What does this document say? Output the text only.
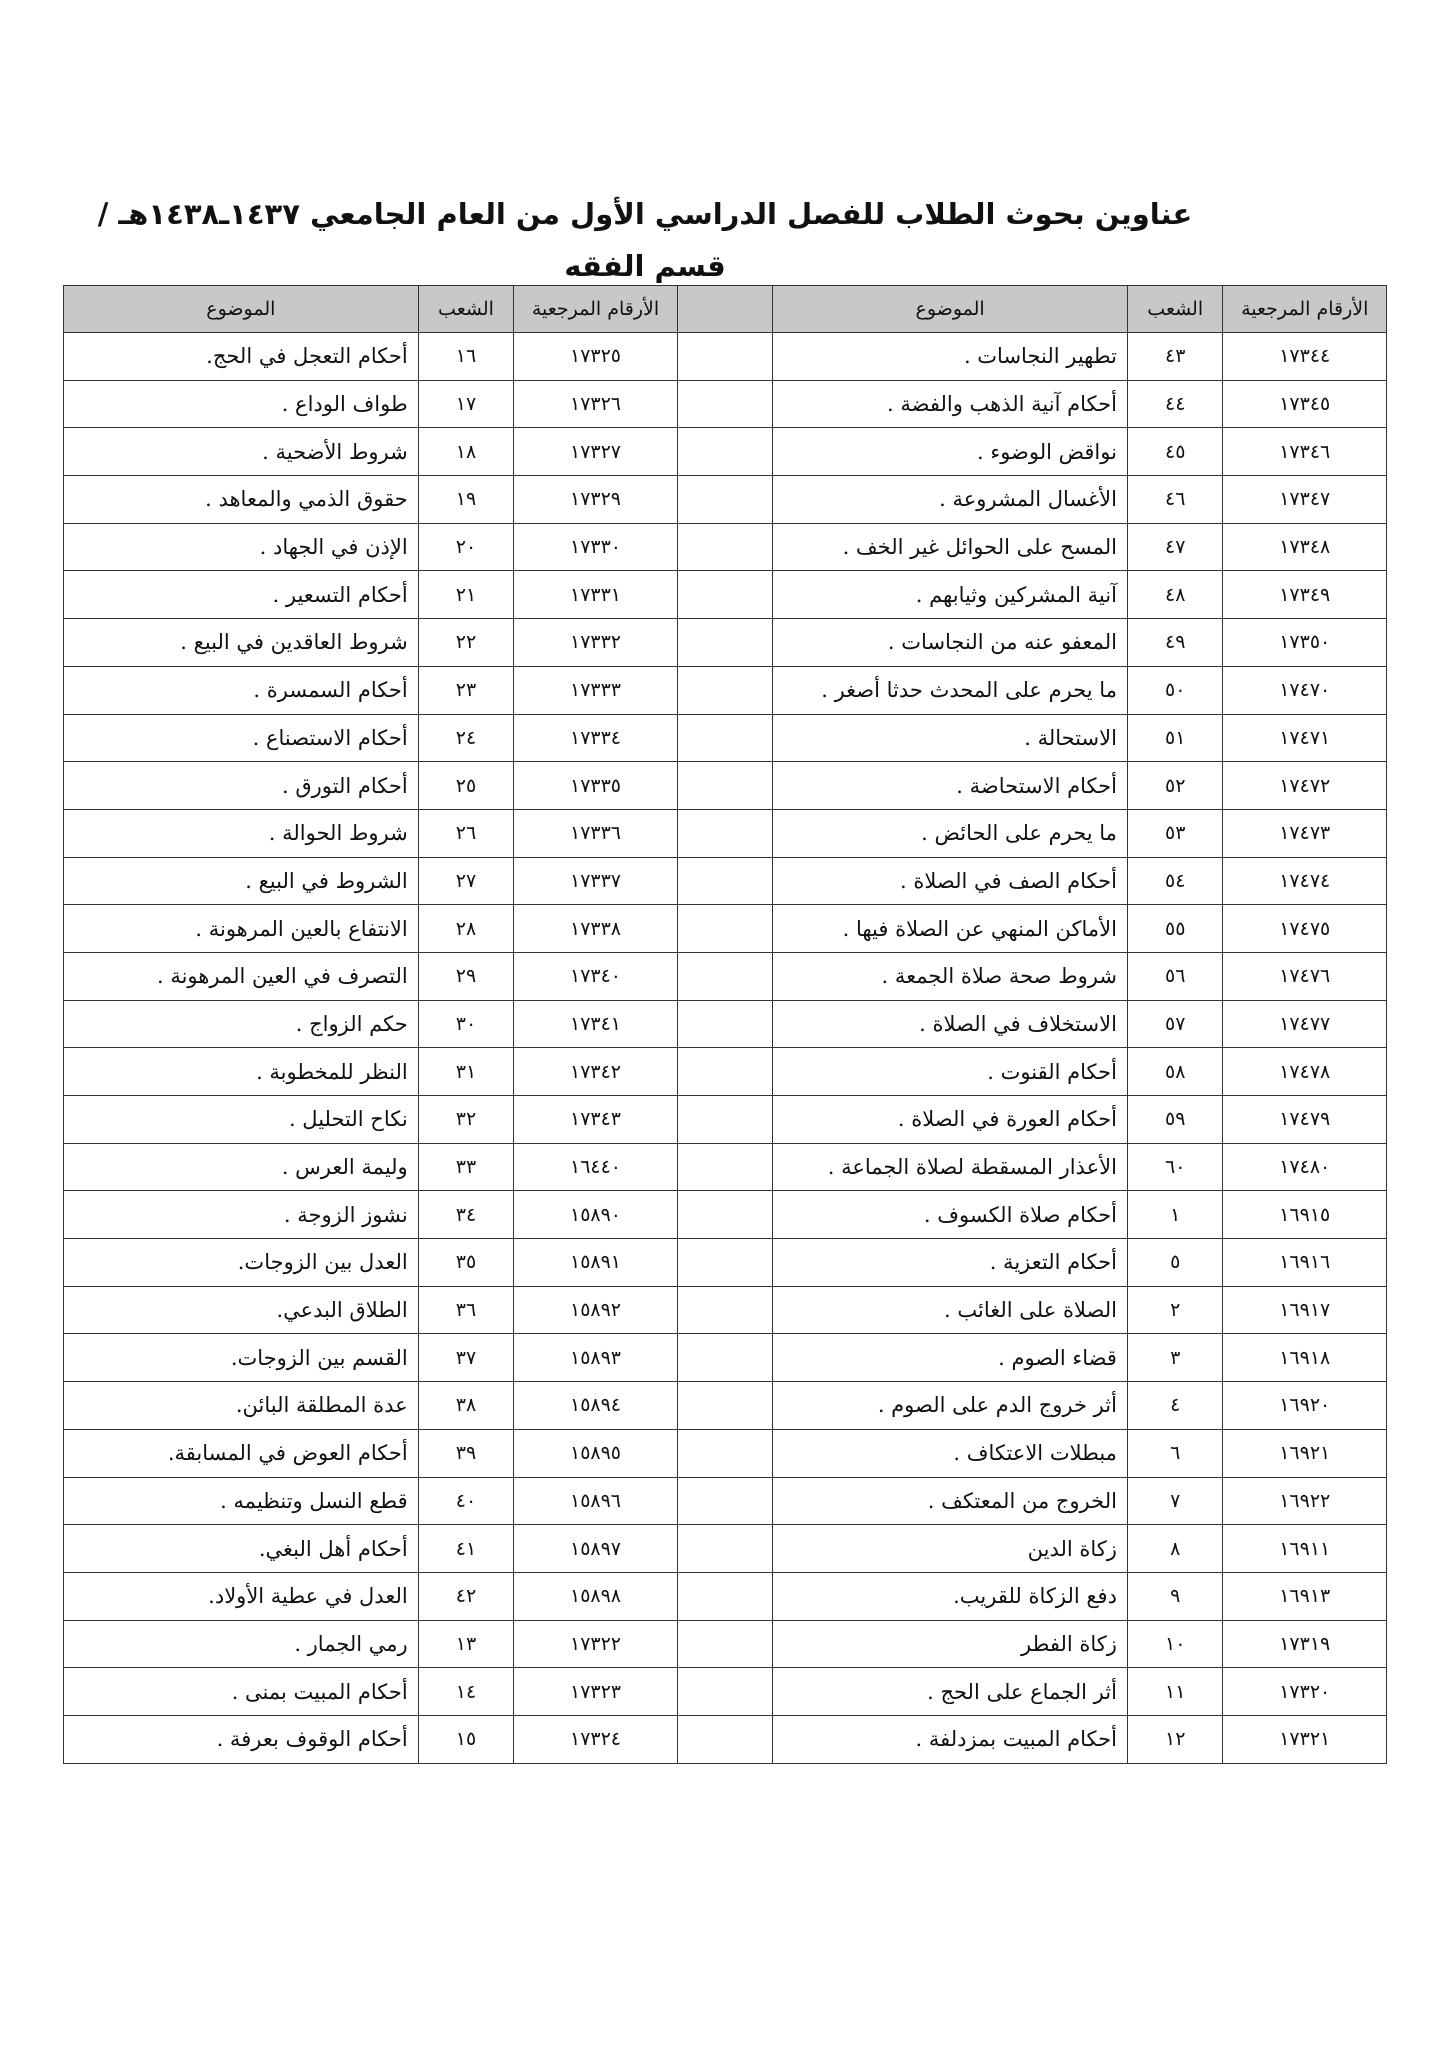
عناوين بحوث الطلاب للفصل الدراسي الأول من العام الجامعي ١٤٣٧ـ١٤٣٨هـ / قسم الفقه
الأرقام المرجعية	الشعب	الموضوع		الأرقام المرجعية	الشعب	الموضوع
١٧٣٤٤	٤٣	تطهير النجاسات .		١٧٣٢٥	١٦	أحكام التعجل في الحج.
١٧٣٤٥	٤٤	أحكام آنية الذهب والفضة .		١٧٣٢٦	١٧	طواف الوداع .
١٧٣٤٦	٤٥	نواقض الوضوء .		١٧٣٢٧	١٨	شروط الأضحية .
١٧٣٤٧	٤٦	الأغسال المشروعة .		١٧٣٢٩	١٩	حقوق الذمي والمعاهد .
١٧٣٤٨	٤٧	المسح على الحوائل غير الخف .		١٧٣٣٠	٢٠	الإذن في الجهاد .
١٧٣٤٩	٤٨	آنية المشركين وثيابهم .		١٧٣٣١	٢١	أحكام التسعير .
١٧٣٥٠	٤٩	المعفو عنه من النجاسات .		١٧٣٣٢	٢٢	شروط العاقدين في البيع .
١٧٤٧٠	٥٠	ما يحرم على المحدث حدثا أصغر .		١٧٣٣٣	٢٣	أحكام السمسرة .
١٧٤٧١	٥١	الاستحالة .		١٧٣٣٤	٢٤	أحكام الاستصناع .
١٧٤٧٢	٥٢	أحكام الاستحاضة .		١٧٣٣٥	٢٥	أحكام التورق .
١٧٤٧٣	٥٣	ما يحرم على الحائض .		١٧٣٣٦	٢٦	شروط الحوالة .
١٧٤٧٤	٥٤	أحكام الصف في الصلاة .		١٧٣٣٧	٢٧	الشروط في البيع .
١٧٤٧٥	٥٥	الأماكن المنهي عن الصلاة فيها .		١٧٣٣٨	٢٨	الانتفاع بالعين المرهونة .
١٧٤٧٦	٥٦	شروط صحة صلاة الجمعة .		١٧٣٤٠	٢٩	التصرف في العين المرهونة .
١٧٤٧٧	٥٧	الاستخلاف في الصلاة .		١٧٣٤١	٣٠	حكم الزواج .
١٧٤٧٨	٥٨	أحكام القنوت .		١٧٣٤٢	٣١	النظر للمخطوبة .
١٧٤٧٩	٥٩	أحكام العورة في الصلاة .		١٧٣٤٣	٣٢	نكاح التحليل .
١٧٤٨٠	٦٠	الأعذار المسقطة لصلاة الجماعة .		١٦٤٤٠	٣٣	وليمة العرس .
١٦٩١٥	١	أحكام صلاة الكسوف .		١٥٨٩٠	٣٤	نشوز الزوجة .
١٦٩١٦	٥	أحكام التعزية .		١٥٨٩١	٣٥	العدل بين الزوجات.
١٦٩١٧	٢	الصلاة على الغائب .		١٥٨٩٢	٣٦	الطلاق البدعي.
١٦٩١٨	٣	قضاء الصوم .		١٥٨٩٣	٣٧	القسم بين الزوجات.
١٦٩٢٠	٤	أثر خروج الدم على الصوم .		١٥٨٩٤	٣٨	عدة المطلقة البائن.
١٦٩٢١	٦	مبطلات الاعتكاف .		١٥٨٩٥	٣٩	أحكام العوض في المسابقة.
١٦٩٢٢	٧	الخروج من المعتكف .		١٥٨٩٦	٤٠	قطع النسل وتنظيمه .
١٦٩١١	٨	زكاة الدين		١٥٨٩٧	٤١	أحكام أهل البغي.
١٦٩١٣	٩	دفع الزكاة للقريب.		١٥٨٩٨	٤٢	العدل في عطية الأولاد.
١٧٣١٩	١٠	زكاة الفطر		١٧٣٢٢	١٣	رمي الجمار .
١٧٣٢٠	١١	أثر الجماع على الحج .		١٧٣٢٣	١٤	أحكام المبيت بمنى .
١٧٣٢١	١٢	أحكام المبيت بمزدلفة .		١٧٣٢٤	١٥	أحكام الوقوف بعرفة .
